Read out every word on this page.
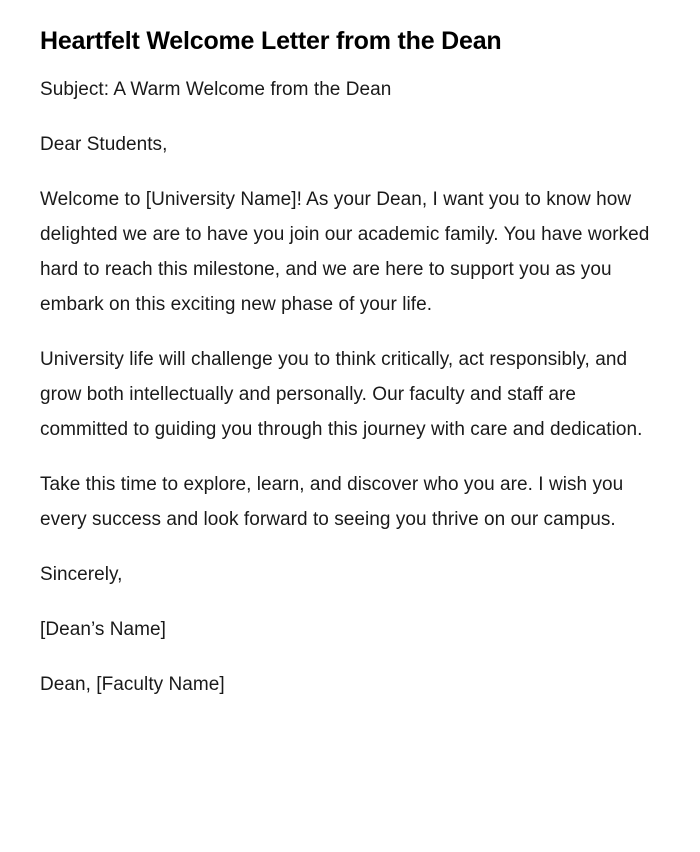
Heartfelt Welcome Letter from the Dean

Subject: A Warm Welcome from the Dean

Dear Students,

Welcome to [University Name]! As your Dean, I want you to know how delighted we are to have you join our academic family. You have worked hard to reach this milestone, and we are here to support you as you embark on this exciting new phase of your life.

University life will challenge you to think critically, act responsibly, and grow both intellectually and personally. Our faculty and staff are committed to guiding you through this journey with care and dedication.

Take this time to explore, learn, and discover who you are. I wish you every success and look forward to seeing you thrive on our campus.

Sincerely,

[Dean’s Name]

Dean, [Faculty Name]
